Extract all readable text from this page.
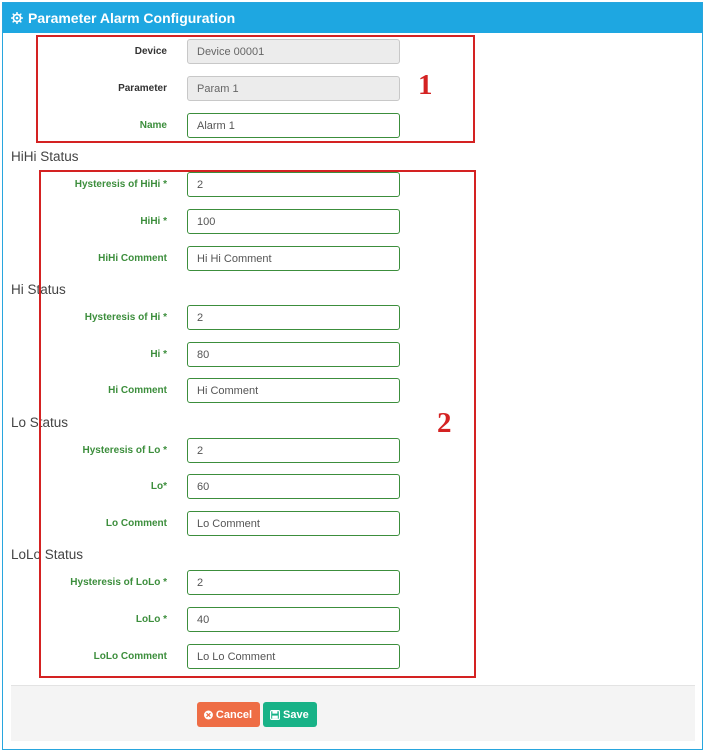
Parameter Alarm Configuration
Device
Device 00001
Parameter
Param 1
Name
Alarm 1
HiHi Status
Hysteresis of HiHi *
2
HiHi *
100
HiHi Comment
Hi Hi Comment
Hi Status
Hysteresis of Hi *
2
Hi *
80
Hi Comment
Hi Comment
Lo Status
Hysteresis of Lo *
2
Lo*
60
Lo Comment
Lo Comment
LoLo Status
Hysteresis of LoLo *
2
LoLo *
40
LoLo Comment
Lo Lo Comment
1
2
Cancel	Save
